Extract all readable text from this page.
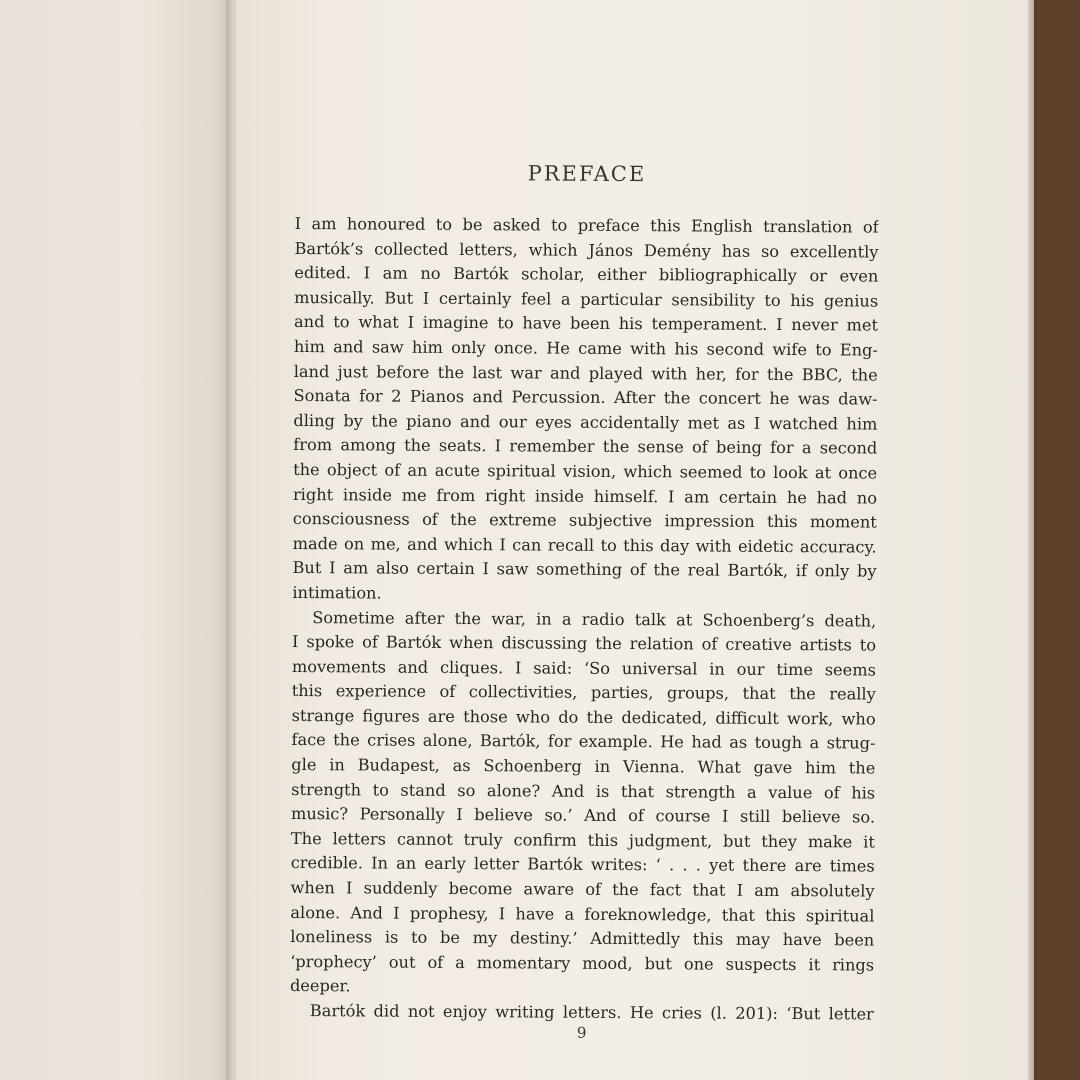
PREFACE
I am honoured to be asked to preface this English translation of
Bartók’s collected letters, which János Demény has so excellently
edited. I am no Bartók scholar, either bibliographically or even
musically. But I certainly feel a particular sensibility to his genius
and to what I imagine to have been his temperament. I never met
him and saw him only once. He came with his second wife to Eng-
land just before the last war and played with her, for the BBC, the
Sonata for 2 Pianos and Percussion. After the concert he was daw-
dling by the piano and our eyes accidentally met as I watched him
from among the seats. I remember the sense of being for a second
the object of an acute spiritual vision, which seemed to look at once
right inside me from right inside himself. I am certain he had no
consciousness of the extreme subjective impression this moment
made on me, and which I can recall to this day with eidetic accuracy.
But I am also certain I saw something of the real Bartók, if only by
intimation.
Sometime after the war, in a radio talk at Schoenberg’s death,
I spoke of Bartók when discussing the relation of creative artists to
movements and cliques. I said: ‘So universal in our time seems
this experience of collectivities, parties, groups, that the really
strange figures are those who do the dedicated, difficult work, who
face the crises alone, Bartók, for example. He had as tough a strug-
gle in Budapest, as Schoenberg in Vienna. What gave him the
strength to stand so alone? And is that strength a value of his
music? Personally I believe so.’ And of course I still believe so.
The letters cannot truly confirm this judgment, but they make it
credible. In an early letter Bartók writes: ‘ . . . yet there are times
when I suddenly become aware of the fact that I am absolutely
alone. And I prophesy, I have a foreknowledge, that this spiritual
loneliness is to be my destiny.’ Admittedly this may have been
‘prophecy’ out of a momentary mood, but one suspects it rings
deeper.
Bartók did not enjoy writing letters. He cries (l. 201): ‘But letter

9
